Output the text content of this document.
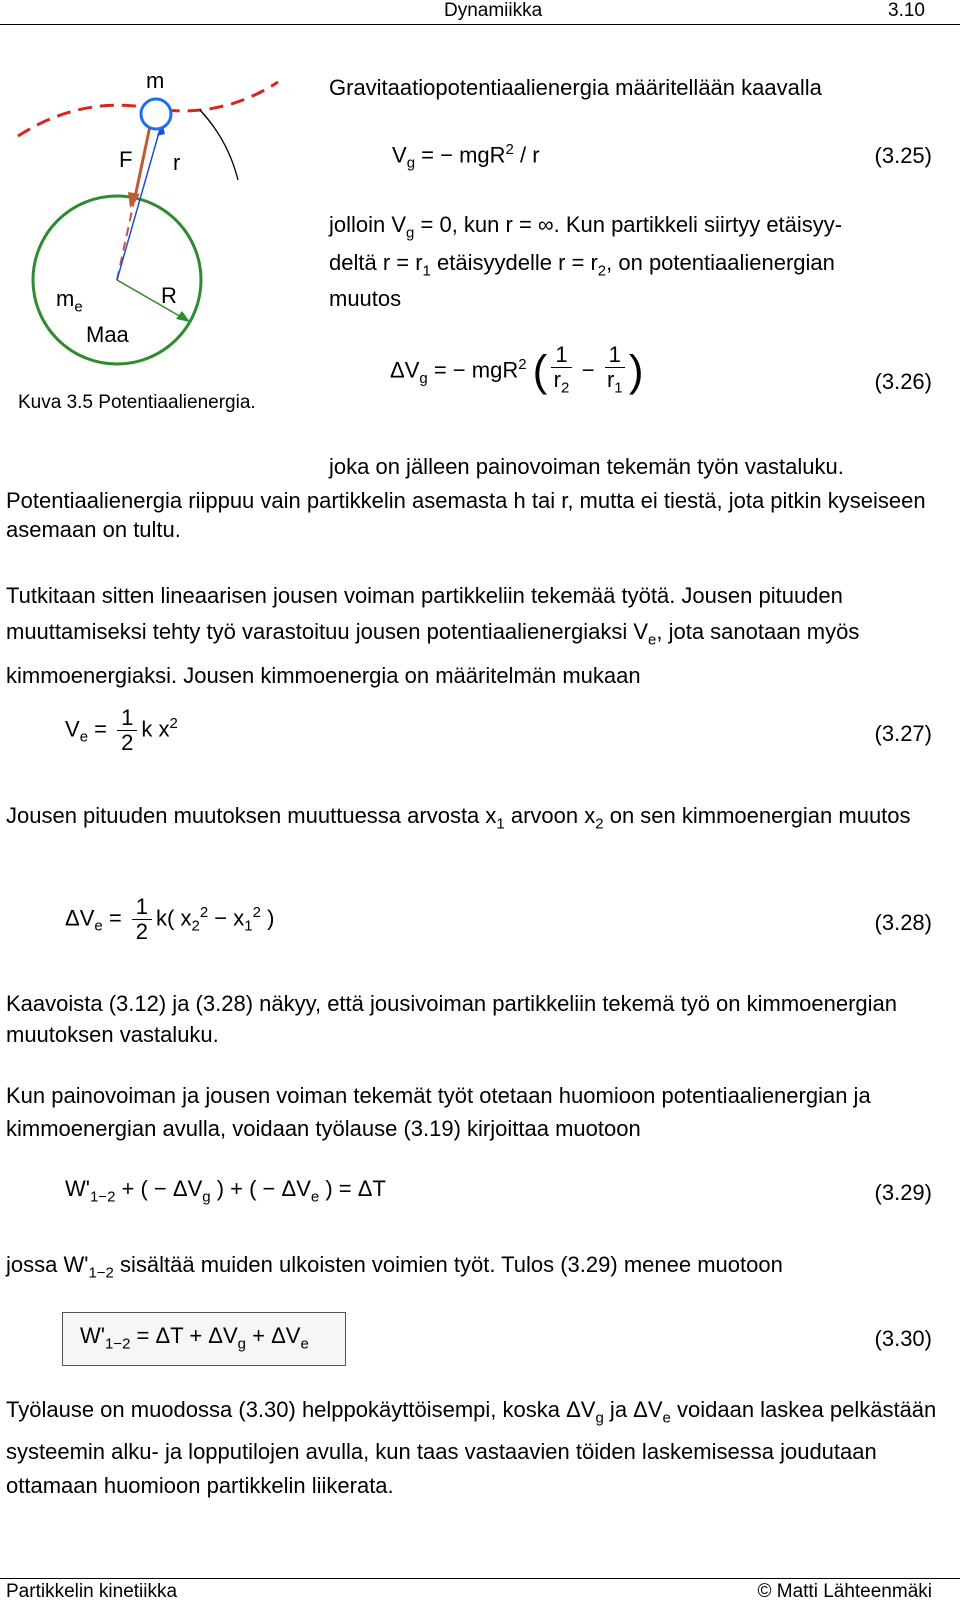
Dynamiikka	3.10
m
F r
R
$m_e$
Maa
Kuva 3.5 Potentiaalienergia.
Gravitaatiopotentiaalienergia määritellään kaavalla
$V_g$ = − mgR$^2$ / r	(3.25)
jolloin $V_g = 0$, kun r = ∞. Kun partikkeli siirtyy etäisyy-
deltä $r = r_1$ etäisyydelle $r = r_2$, on potentiaalienergian
muutos
$\Delta V_g$ = − mgR$^2$ ( $\frac{1}{r_2} - \frac{1}{r_1}$ )	(3.26)
joka on jälleen painovoiman tekemän työn vastaluku.
Potentiaalienergia riippuu vain partikkelin asemasta h tai r, mutta ei tiestä, jota pitkin kyseiseen asemaan on tultu.
Tutkitaan sitten lineaarisen jousen voiman partikkeliin tekemää työtä. Jousen pituuden muuttamiseksi tehty työ varastoituu jousen potentiaalienergiaksi $V_e$, jota sanotaan myös kimmoenergiaksi. Jousen kimmoenergia on määritelmän mukaan
$V_e = \frac{1}{2}$ k $x^2$	(3.27)
Jousen pituuden muutoksen muuttuessa arvosta $x_1$ arvoon $x_2$ on sen kimmoenergian muutos
$\Delta V_e = \frac{1}{2} k$( $x_2^2 - x_1^2$ )	(3.28)
Kaavoista (3.12) ja (3.28) näkyy, että jousivoiman partikkeliin tekemä työ on kimmoenergian muutoksen vastaluku.
Kun painovoiman ja jousen voiman tekemät työt otetaan huomioon potentiaalienergian ja kimmoenergian avulla, voidaan työlause (3.19) kirjoittaa muotoon
$W'_{1-2}$ + ( − $\Delta V_g$ ) + ( − $\Delta V_e$ ) = ΔT	(3.29)
jossa $W'_{1-2}$ sisältää muiden ulkoisten voimien työt. Tulos (3.29) menee muotoon
$W'_{1-2} = \Delta T + \Delta V_g + \Delta V_e$	(3.30)
Työlause on muodossa (3.30) helppokäyttöisempi, koska $\Delta V_g$ ja $\Delta V_e$ voidaan laskea pelkästään systeemin alku- ja lopputilojen avulla, kun taas vastaavien töiden laskemisessa joudutaan ottamaan huomioon partikkelin liikerata.
Partikkelin kinetiikka	© Matti Lähteenmäki
